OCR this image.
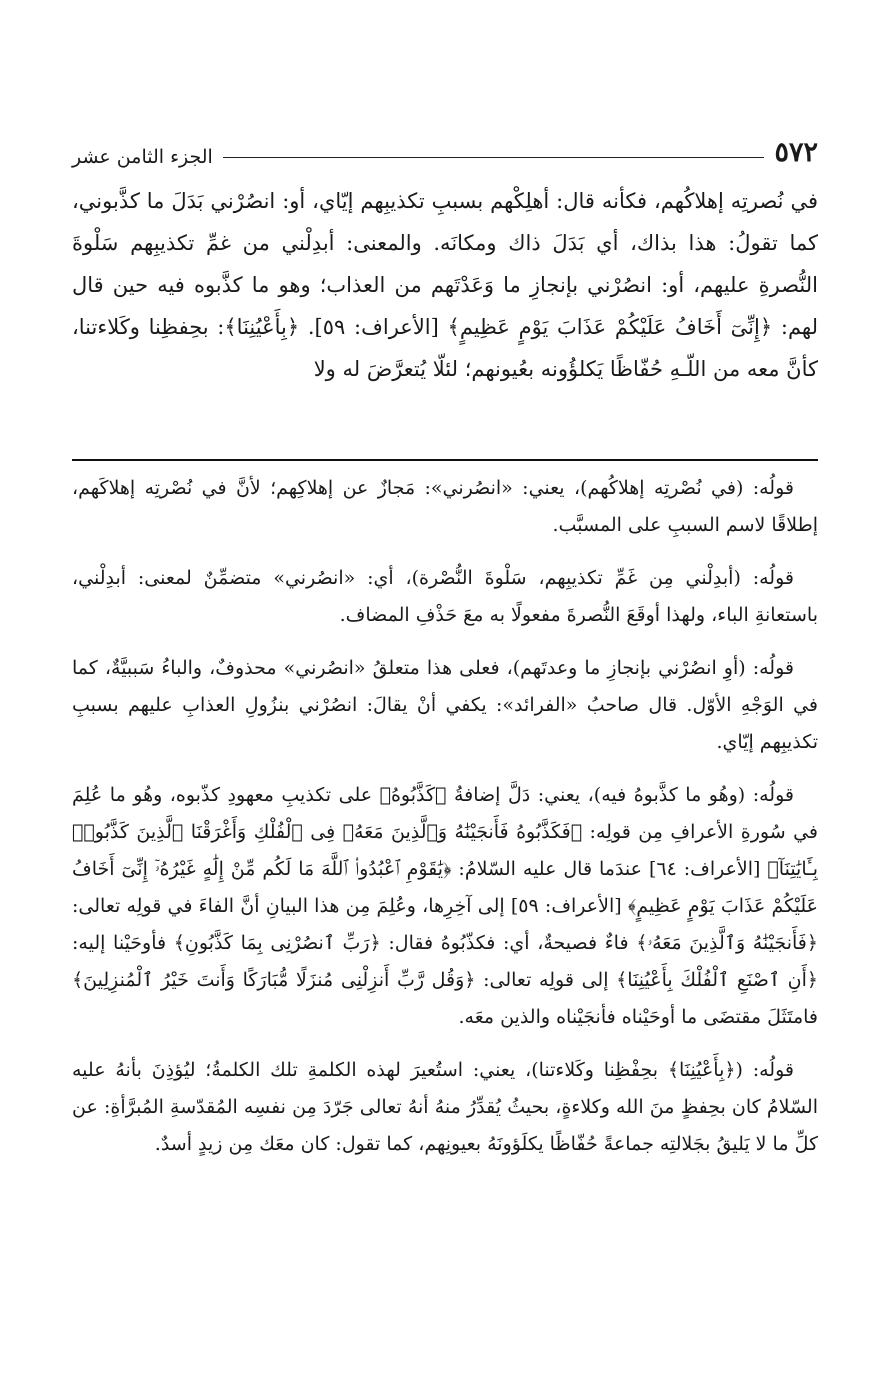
٥٧٢
الجزء الثامن عشر

في نُصرتِه إهلاكُهم، فكأنه قال: أهلِكْهم بسببِ تكذيبِهم إيّاي، أو: انصُرْني بَدَلَ ما كذَّبوني، كما تقولُ: هذا بذاك، أي بَدَلَ ذاك ومكانَه. والمعنى: أبدِلْني من غمِّ تكذيبِهم سَلْوةَ النُّصرةِ عليهم، أو: انصُرْني بإنجازِ ما وَعَدْتَهم من العذاب؛ وهو ما كذَّبوه فيه حين قال لهم: ﴿إِنِّىٓ أَخَافُ عَلَيْكُمْ عَذَابَ يَوْمٍ عَظِيمٍ﴾ [الأعراف: ٥٩]. ﴿بِأَعْيُنِنَا﴾: بحِفظِنا وكَلاءتنا، كأنَّ معه من اللّـهِ حُفّاظًا يَكلؤُونه بعُيونهم؛ لئلّا يُتعرَّضَ له ولا

قولُه: (في نُصْرتِه إهلاكُهم)، يعني: «انصُرني»: مَجازٌ عن إهلاكِهم؛ لأنَّ في نُصْرتِه إهلاكَهم، إطلاقًا لاسم السببِ على المسبَّب.

قولُه: (أبدِلْني مِن غَمِّ تكذيبِهم، سَلْوةَ النُّصْرة)، أي: «انصُرني» متضمِّنٌ لمعنى: أبدِلْني، باستعانةِ الباء، ولهذا أوقَعَ النُّصرةَ مفعولًا به معَ حَذْفِ المضاف.

قولُه: (أوِ انصُرْني بإنجازِ ما وعدتَهم)، فعلى هذا متعلقُ «انصُرني» محذوفٌ، والباءُ سَببيَّةٌ، كما في الوَجْهِ الأوّل. قال صاحبُ «الفرائد»: يكفي أنْ يقالَ: انصُرْني بنزُولِ العذابِ عليهم بسببِ تكذيبِهم إيّاي.

قولُه: (وهُو ما كذَّبوهُ فيه)، يعني: دَلَّ إضافةُ ﴿كَذَّبُوهُ﴾ على تكذيبِ معهودِ كذّبوه، وهُو ما عُلِمَ في سُورةِ الأعرافِ مِن قولِه: ﴿فَكَذَّبُوهُ فَأَنجَيْنَٰهُ وَٱلَّذِينَ مَعَهُۥ فِى ٱلْفُلْكِ وَأَغْرَقْنَا ٱلَّذِينَ كَذَّبُوا۟ بِـَٔايَٰتِنَآ﴾ [الأعراف: ٦٤] عندَما قال عليه السّلامُ: ﴿يَٰقَوْمِ ٱعْبُدُوا۟ ٱللَّهَ مَا لَكُم مِّنْ إِلَٰهٍ غَيْرُهُۥٓ إِنِّىٓ أَخَافُ عَلَيْكُمْ عَذَابَ يَوْمٍ عَظِيمٍ﴾ [الأعراف: ٥٩] إلى آخِرِها، وعُلِمَ مِن هذا البيانِ أنَّ الفاءَ في قولِه تعالى: ﴿فَأَنجَيْنَٰهُ وَٱلَّذِينَ مَعَهُۥ﴾ فاءٌ فصيحةٌ، أي: فكذّبُوهُ فقال: ﴿رَبِّ ٱنصُرْنِى بِمَا كَذَّبُونِ﴾ فأوحَيْنا إليه: ﴿أَنِ ٱصْنَعِ ٱلْفُلْكَ بِأَعْيُنِنَا﴾ إلى قولِه تعالى: ﴿وَقُل رَّبِّ أَنزِلْنِى مُنزَلًا مُّبَارَكًا وَأَنتَ خَيْرُ ٱلْمُنزِلِينَ﴾ فامتَثَلَ مقتضَى ما أوحَيْناه فأنجَيْناه والذين معَه.

قولُه: (﴿بِأَعْيُنِنَا﴾ بحِفْظِنا وكَلاءتنا)، يعني: استُعيرَ لهذه الكلمةِ تلك الكلمةُ؛ ليُؤذِنَ بأنهُ عليه السّلامُ كان بحِفظٍ منَ الله وكلاءةٍ، بحيثُ يُقدِّرُ منهُ أنهُ تعالى جَرّدَ مِن نفسِه المُقدّسةِ المُبرَّأةِ: عن كلِّ ما لا يَليقُ بجَلالتِه جماعةً حُفّاظًا يكلَؤونَهُ بعيونِهم، كما تقول: كان معَك مِن زيدٍ أسدٌ.
